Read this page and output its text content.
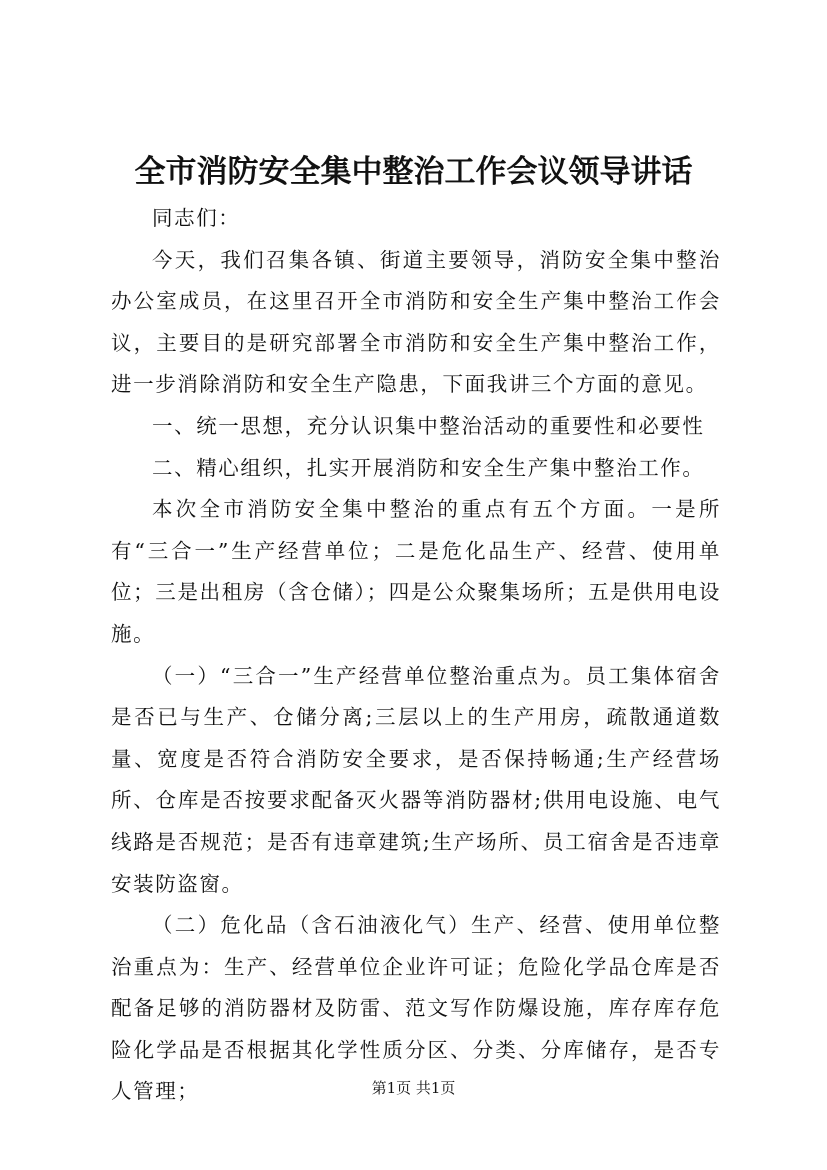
全市消防安全集中整治工作会议领导讲话

同志们：

今天，我们召集各镇、街道主要领导，消防安全集中整治办公室成员，在这里召开全市消防和安全生产集中整治工作会议，主要目的是研究部署全市消防和安全生产集中整治工作，进一步消除消防和安全生产隐患，下面我讲三个方面的意见。

一、统一思想，充分认识集中整治活动的重要性和必要性

二、精心组织，扎实开展消防和安全生产集中整治工作。

本次全市消防安全集中整治的重点有五个方面。一是所有“三合一”生产经营单位；二是危化品生产、经营、使用单位；三是出租房（含仓储）；四是公众聚集场所；五是供用电设施。

（一）“三合一”生产经营单位整治重点为。员工集体宿舍是否已与生产、仓储分离;三层以上的生产用房，疏散通道数量、宽度是否符合消防安全要求，是否保持畅通;生产经营场所、仓库是否按要求配备灭火器等消防器材;供用电设施、电气线路是否规范；是否有违章建筑;生产场所、员工宿舍是否违章安装防盗窗。

（二）危化品（含石油液化气）生产、经营、使用单位整治重点为：生产、经营单位企业许可证；危险化学品仓库是否配备足够的消防器材及防雷、范文写作防爆设施，库存库存危险化学品是否根据其化学性质分区、分类、分库储存，是否专人管理；	第1页 共1页
